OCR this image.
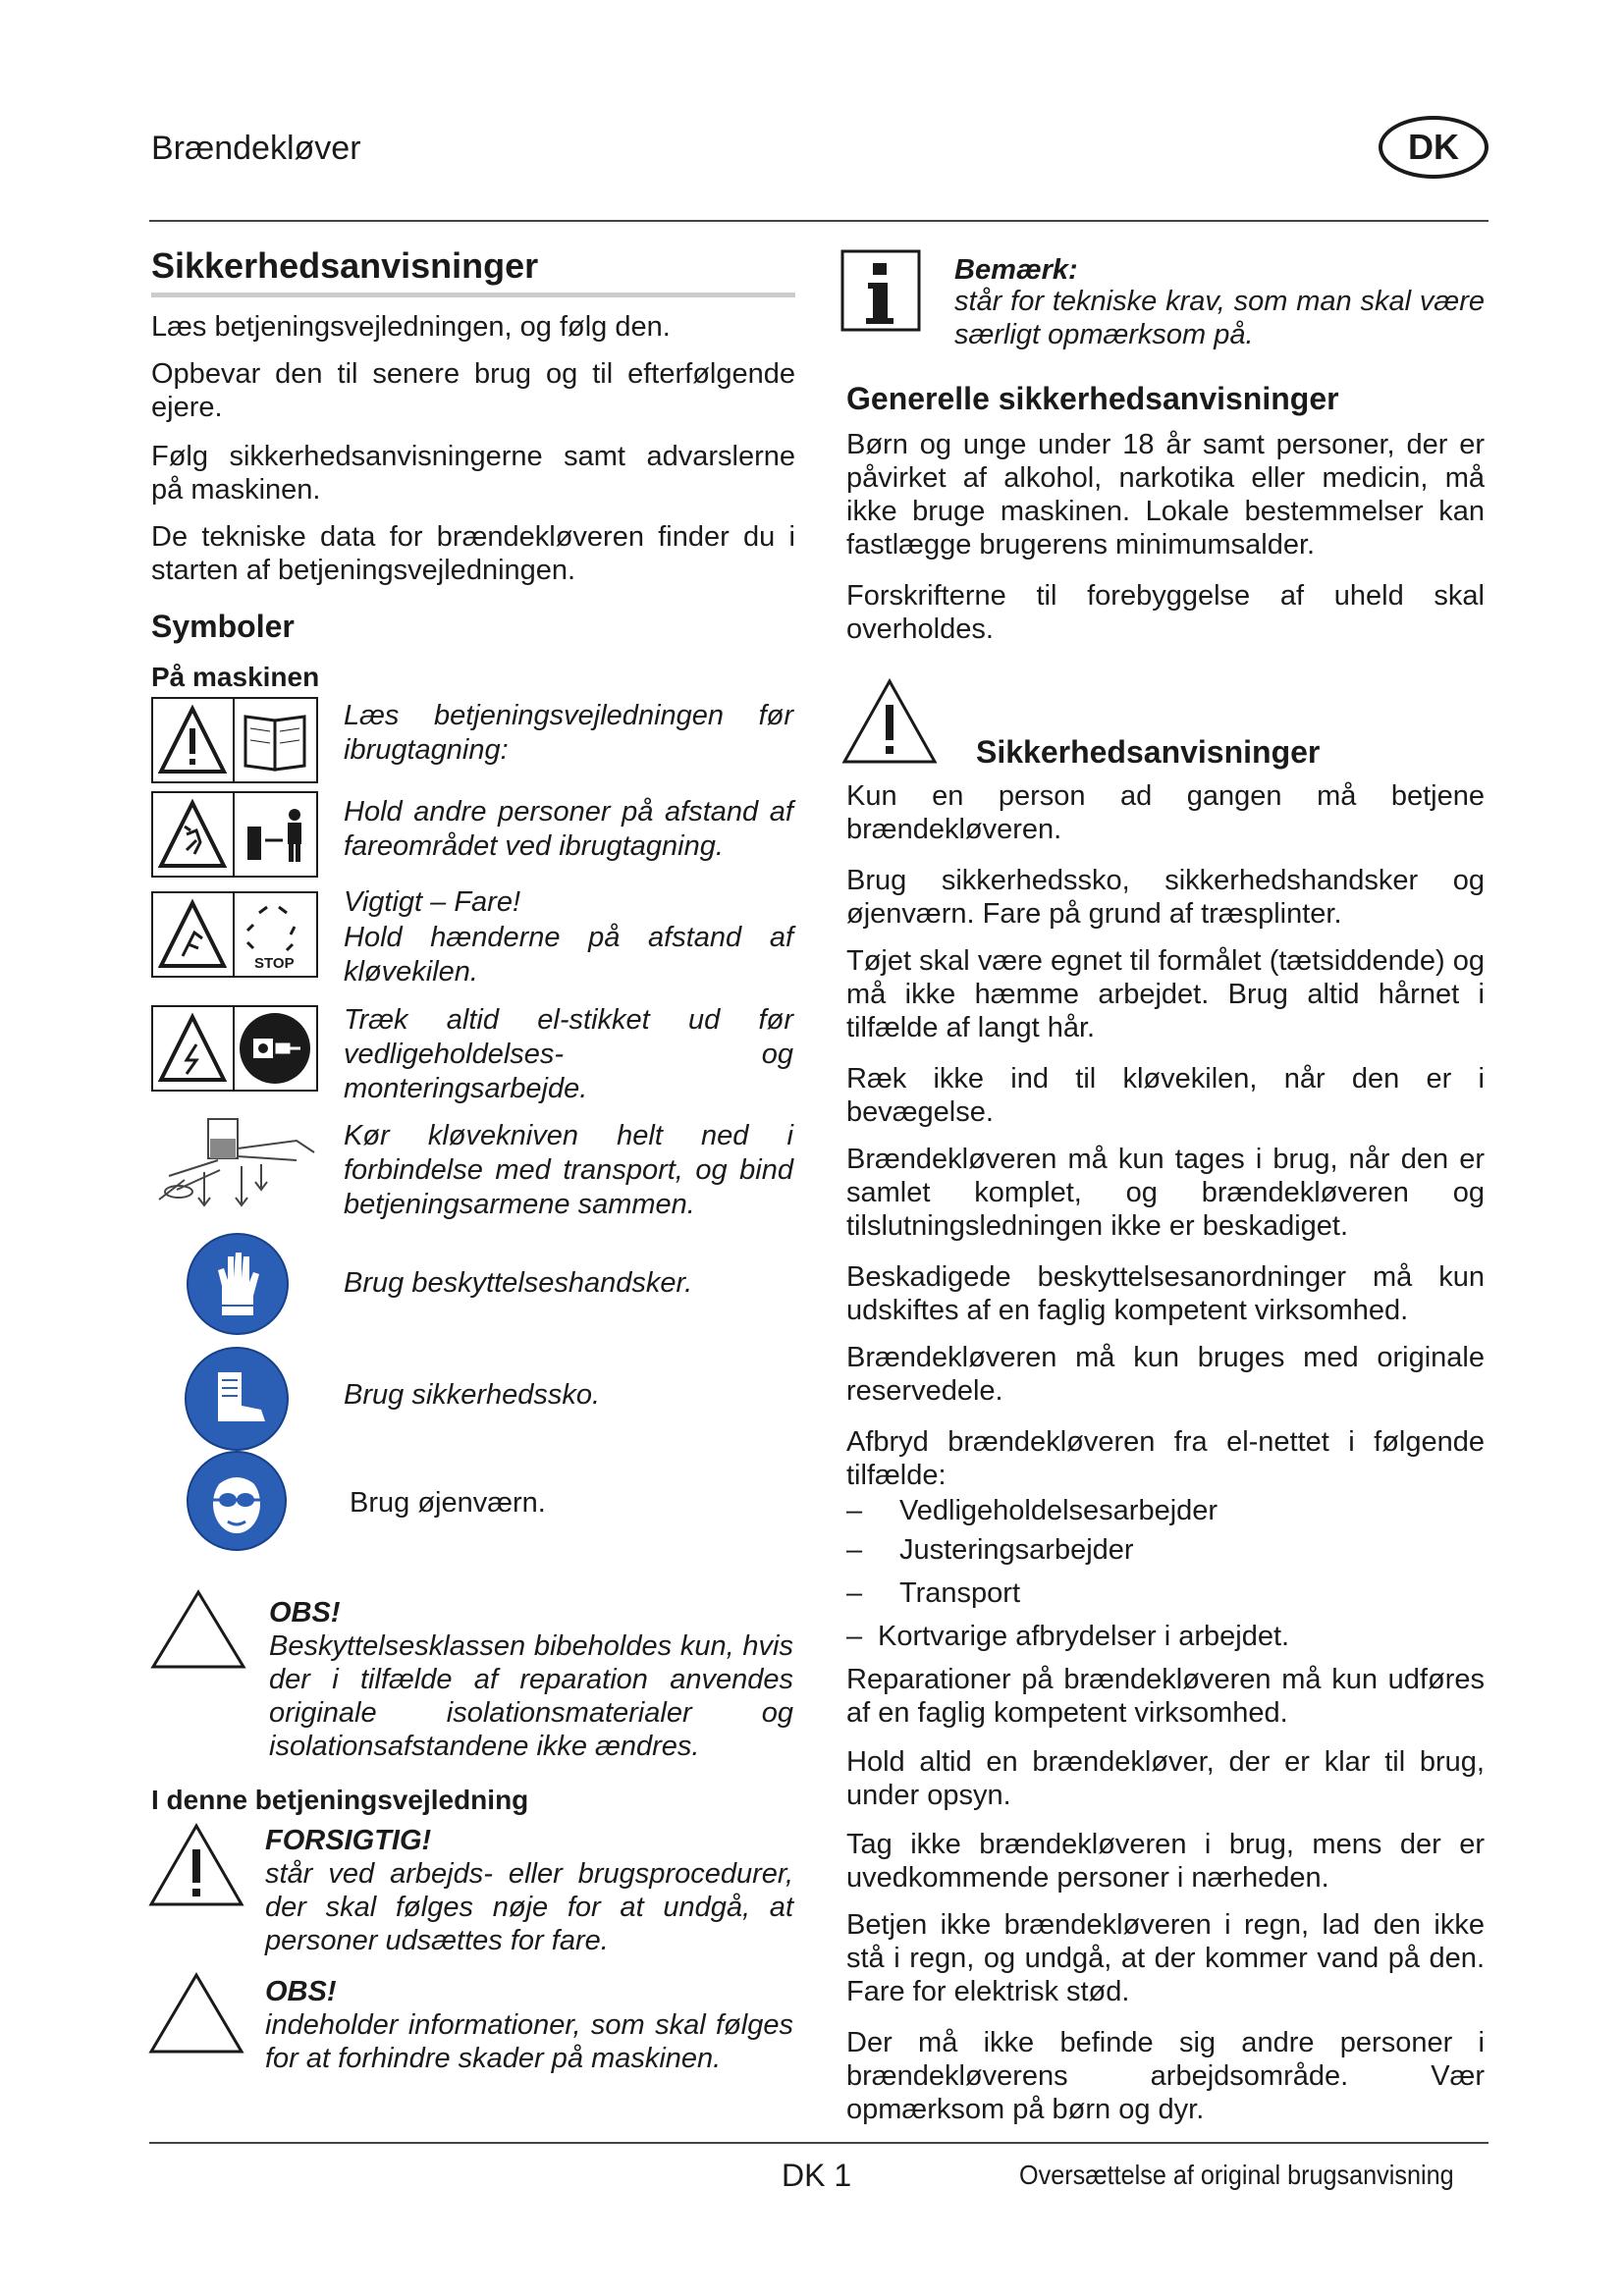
Brændekløver	DK
Sikkerhedsanvisninger
Læs betjeningsvejledningen, og følg den.
Opbevar den til senere brug og til efterfølgende ejere.
Følg sikkerhedsanvisningerne samt advarslerne på maskinen.
De tekniske data for brændekløveren finder du i starten af betjeningsvejledningen.
Symboler
På maskinen
STOP
Læs betjeningsvejledningen før ibrugtagning:
Hold andre personer på afstand af fareområdet ved ibrugtagning.
Vigtigt – Fare!
Hold hænderne på afstand af kløvekilen.
Træk altid el-stikket ud før vedligeholdelses- og monteringsarbejde.
Kør kløvekniven helt ned i forbindelse med transport, og bind betjeningsarmene sammen.
Brug beskyttelseshandsker.
Brug sikkerhedssko.
Brug øjenværn.
OBS!
Beskyttelsesklassen bibeholdes kun, hvis der i tilfælde af reparation anvendes originale isolationsmaterialer og isolationsafstandene ikke ændres.
I denne betjeningsvejledning
FORSIGTIG!
står ved arbejds- eller brugsprocedurer, der skal følges nøje for at undgå, at personer udsættes for fare.
OBS!
indeholder informationer, som skal følges for at forhindre skader på maskinen.
Bemærk:
står for tekniske krav, som man skal være særligt opmærksom på.
Generelle sikkerhedsanvisninger
Børn og unge under 18 år samt personer, der er påvirket af alkohol, narkotika eller medicin, må ikke bruge maskinen. Lokale bestemmelser kan fastlægge brugerens minimumsalder.
Forskrifterne til forebyggelse af uheld skal overholdes.
Sikkerhedsanvisninger
Kun en person ad gangen må betjene brændekløveren.
Brug sikkerhedssko, sikkerhedshandsker og øjenværn. Fare på grund af træsplinter.
Tøjet skal være egnet til formålet (tætsiddende) og må ikke hæmme arbejdet. Brug altid hårnet i tilfælde af langt hår.
Ræk ikke ind til kløvekilen, når den er i bevægelse.
Brændekløveren må kun tages i brug, når den er samlet komplet, og brændekløveren og tilslutningsledningen ikke er beskadiget.
Beskadigede beskyttelsesanordninger må kun udskiftes af en faglig kompetent virksomhed.
Brændekløveren må kun bruges med originale reservedele.
Afbryd brændekløveren fra el-nettet i følgende tilfælde:
– Vedligeholdelsesarbejder
– Justeringsarbejder
– Transport
– Kortvarige afbrydelser i arbejdet.
Reparationer på brændekløveren må kun udføres af en faglig kompetent virksomhed.
Hold altid en brændekløver, der er klar til brug, under opsyn.
Tag ikke brændekløveren i brug, mens der er uvedkommende personer i nærheden.
Betjen ikke brændekløveren i regn, lad den ikke stå i regn, og undgå, at der kommer vand på den. Fare for elektrisk stød.
Der må ikke befinde sig andre personer i brændekløverens arbejdsområde. Vær opmærksom på børn og dyr.
DK 1	Oversættelse af original brugsanvisning
